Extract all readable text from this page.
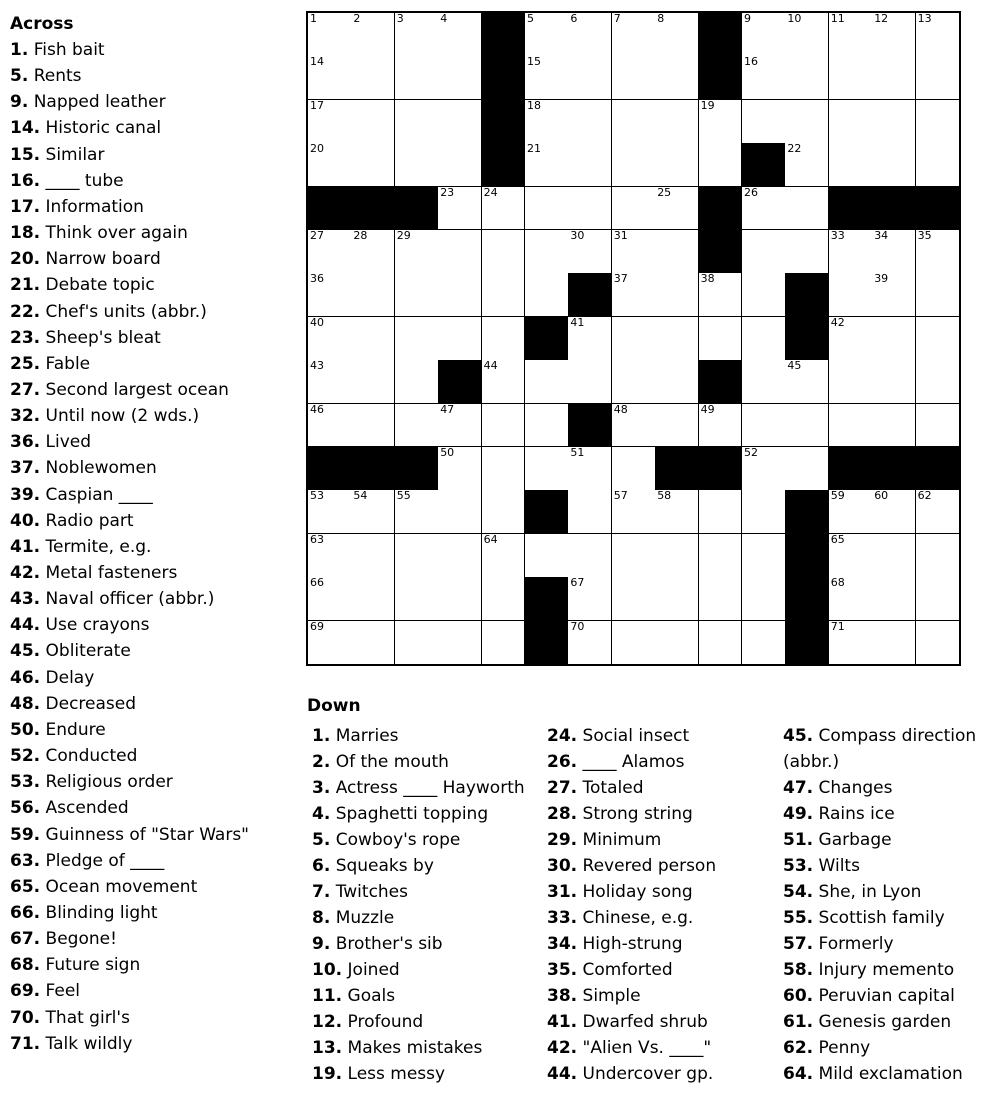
Across
1. Fish bait
5. Rents
9. Napped leather
14. Historic canal
15. Similar
16. ____ tube
17. Information
18. Think over again
20. Narrow board
21. Debate topic
22. Chef's units (abbr.)
23. Sheep's bleat
25. Fable
27. Second largest ocean
32. Until now (2 wds.)
36. Lived
37. Noblewomen
39. Caspian ____
40. Radio part
41. Termite, e.g.
42. Metal fasteners
43. Naval officer (abbr.)
44. Use crayons
45. Obliterate
46. Delay
48. Decreased
50. Endure
52. Conducted
53. Religious order
56. Ascended
59. Guinness of "Star Wars"
63. Pledge of ____
65. Ocean movement
66. Blinding light
67. Begone!
68. Future sign
69. Feel
70. That girl's
71. Talk wildly
1	2	3	4	5	6	7	8	9	10	11	12	13
14	15	16
17	18	19
20	21	22
23	24	25	26
27	28	29	30	31	33	34	35
36	37	38	39
40	41	42
43	44	45
46	47	48	49
50	51	52
53	54	55	57	58	59	60	62
63	64	65
66	67	68
69	70	71
Down
1. Marries
2. Of the mouth
3. Actress ____ Hayworth
4. Spaghetti topping
5. Cowboy's rope
6. Squeaks by
7. Twitches
8. Muzzle
9. Brother's sib
10. Joined
11. Goals
12. Profound
13. Makes mistakes
19. Less messy
24. Social insect
26. ____ Alamos
27. Totaled
28. Strong string
29. Minimum
30. Revered person
31. Holiday song
33. Chinese, e.g.
34. High-strung
35. Comforted
38. Simple
41. Dwarfed shrub
42. "Alien Vs. ____"
44. Undercover gp.
45. Compass direction
(abbr.)
47. Changes
49. Rains ice
51. Garbage
53. Wilts
54. She, in Lyon
55. Scottish family
57. Formerly
58. Injury memento
60. Peruvian capital
61. Genesis garden
62. Penny
64. Mild exclamation
